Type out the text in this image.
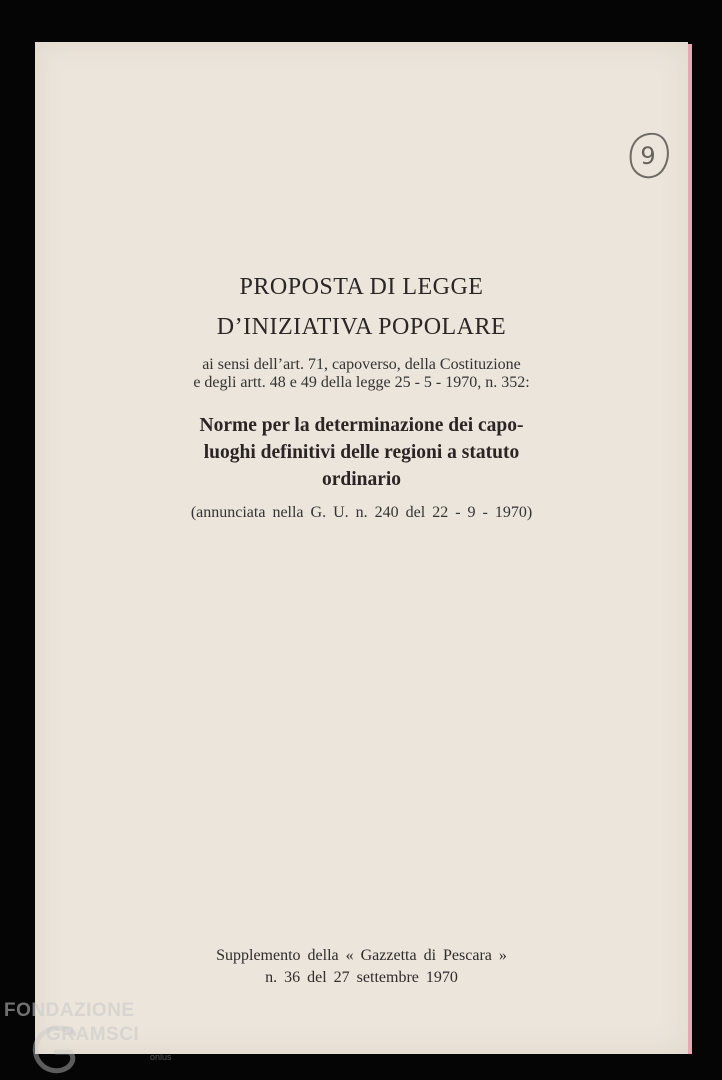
9
PROPOSTA DI LEGGE
D’INIZIATIVA POPOLARE

ai sensi dell’art. 71, capoverso, della Costituzione

e degli artt. 48 e 49 della legge 25 - 5 - 1970, n. 352:

Norme per la determinazione dei capo-

luoghi definitivi delle regioni a statuto

ordinario

(annunciata nella G. U. n. 240 del 22 - 9 - 1970)

Supplemento della « Gazzetta di Pescara »

n. 36 del 27 settembre 1970

FONDAZIONE
GRAMSCI
onlus
